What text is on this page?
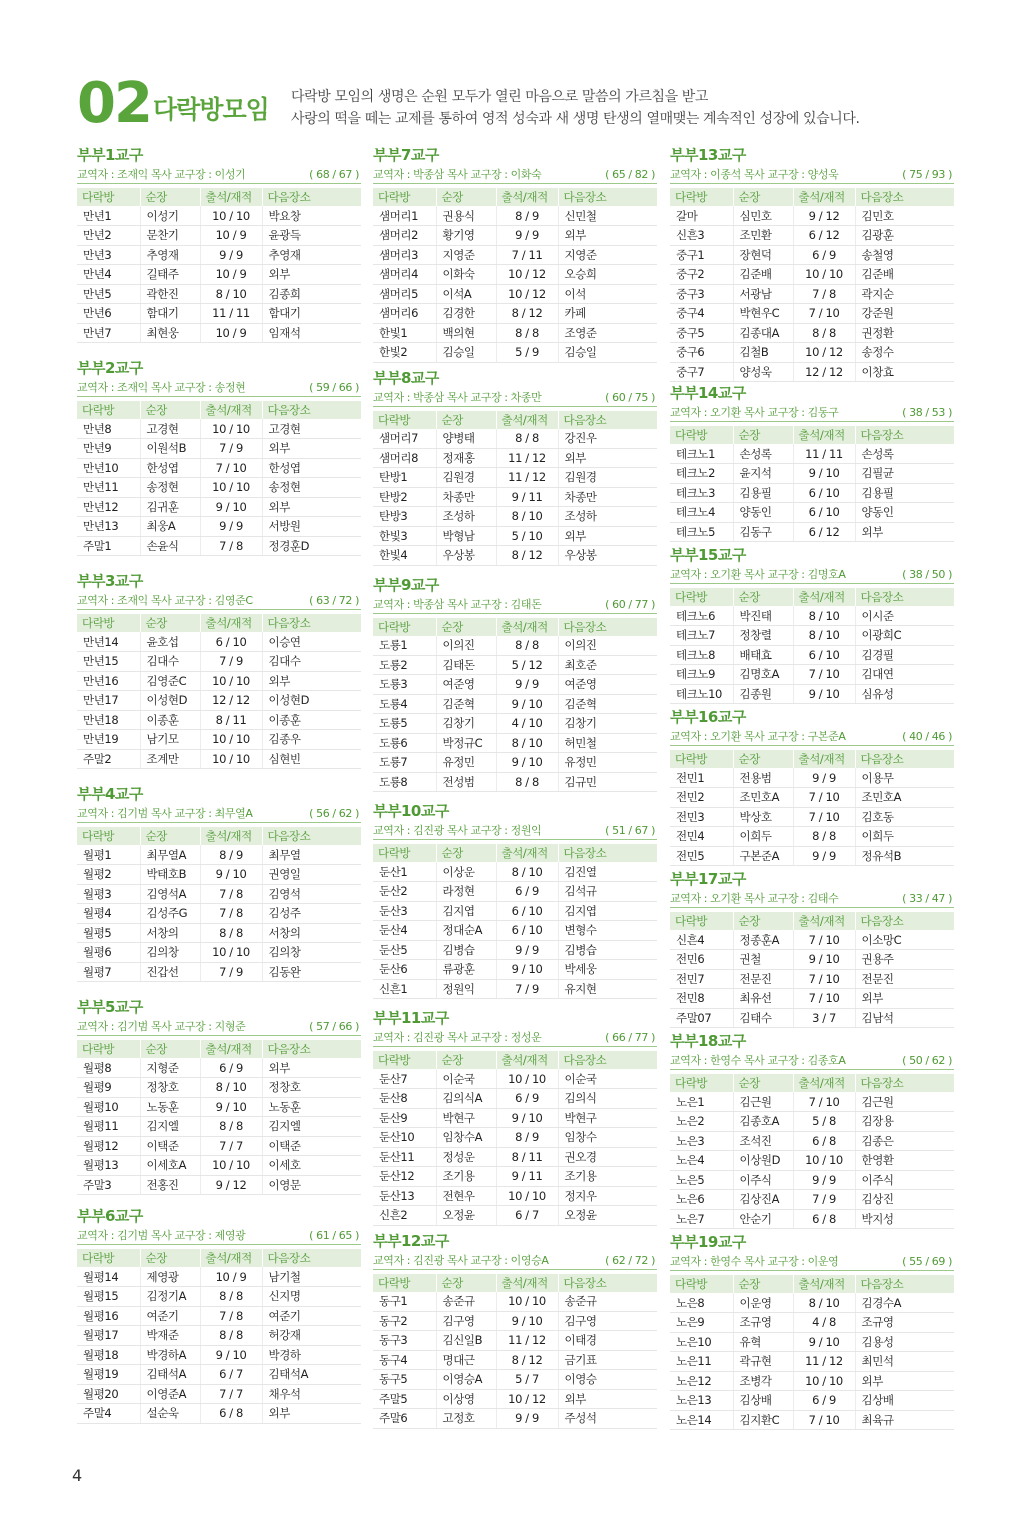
02 다락방모임 다락방 모임의 생명은 순원 모두가 열린 마음으로 말씀의 가르침을 받고
사랑의 떡을 떼는 교제를 통하여 영적 성숙과 새 생명 탄생의 열매맺는 계속적인 성장에 있습니다.
부부1교구
교역자 : 조재익 목사 교구장 : 이성기	( 68 / 67 )
다락방	순장	출석/재적	다음장소
만년1	이성기	10 / 10	박요창
만년2	문찬기	10 / 9	윤광득
만년3	추영재	9 / 9	추영재
만년4	길태주	10 / 9	외부
만년5	곽한진	8 / 10	김종희
만년6	함대기	11 / 11	함대기
만년7	최현웅	10 / 9	임재석
부부2교구
교역자 : 조재익 목사 교구장 : 송정현	( 59 / 66 )
다락방	순장	출석/재적	다음장소
만년8	고경현	10 / 10	고경현
만년9	이원석B	7 / 9	외부
만년10	한성엽	7 / 10	한성엽
만년11	송정현	10 / 10	송정현
만년12	김귀훈	9 / 10	외부
만년13	최웅A	9 / 9	서방원
주말1	손윤식	7 / 8	정경훈D
부부3교구
교역자 : 조재익 목사 교구장 : 김영준C	( 63 / 72 )
다락방	순장	출석/재적	다음장소
만년14	윤호섭	6 / 10	이승연
만년15	김대수	7 / 9	김대수
만년16	김영준C	10 / 10	외부
만년17	이성현D	12 / 12	이성현D
만년18	이종훈	8 / 11	이종훈
만년19	남기모	10 / 10	김종우
주말2	조계만	10 / 10	심현빈
부부4교구
교역자 : 김기범 목사 교구장 : 최무열A	( 56 / 62 )
다락방	순장	출석/재적	다음장소
월평1	최무열A	8 / 9	최무열
월평2	박태호B	9 / 10	권영일
월평3	김영석A	7 / 8	김영석
월평4	김성주G	7 / 8	김성주
월평5	서창의	8 / 8	서창의
월평6	김의창	10 / 10	김의창
월평7	진갑선	7 / 9	김동완
부부5교구
교역자 : 김기범 목사 교구장 : 지형준	( 57 / 66 )
다락방	순장	출석/재적	다음장소
월평8	지형준	6 / 9	외부
월평9	정창호	8 / 10	정창호
월평10	노동훈	9 / 10	노동훈
월평11	김지엘	8 / 8	김지엘
월평12	이택준	7 / 7	이택준
월평13	이세호A	10 / 10	이세호
주말3	전홍진	9 / 12	이영문
부부6교구
교역자 : 김기범 목사 교구장 : 제영광	( 61 / 65 )
다락방	순장	출석/재적	다음장소
월평14	제영광	10 / 9	남기철
월평15	김정기A	8 / 8	신지명
월평16	여준기	7 / 8	여준기
월평17	박재준	8 / 8	허강재
월평18	박경하A	9 / 10	박경하
월평19	김태석A	6 / 7	김태석A
월평20	이영준A	7 / 7	채우석
주말4	설순욱	6 / 8	외부
부부7교구
교역자 : 박종삼 목사 교구장 : 이화숙	( 65 / 82 )
다락방	순장	출석/재적	다음장소
샘머리1	권용식	8 / 9	신민철
샘머리2	황기영	9 / 9	외부
샘머리3	지영준	7 / 11	지영준
샘머리4	이화숙	10 / 12	오승희
샘머리5	이석A	10 / 12	이석
샘머리6	김경한	8 / 12	카페
한빛1	백의현	8 / 8	조영준
한빛2	김승일	5 / 9	김승일
부부8교구
교역자 : 박종삼 목사 교구장 : 차종만	( 60 / 75 )
다락방	순장	출석/재적	다음장소
샘머리7	양병태	8 / 8	강진우
샘머리8	정재홍	11 / 12	외부
탄방1	김원경	11 / 12	김원경
탄방2	차종만	9 / 11	차종만
탄방3	조성하	8 / 10	조성하
한빛3	박형남	5 / 10	외부
한빛4	우상봉	8 / 12	우상봉
부부9교구
교역자 : 박종삼 목사 교구장 : 김태돈	( 60 / 77 )
다락방	순장	출석/재적	다음장소
도룡1	이의진	8 / 8	이의진
도룡2	김태돈	5 / 12	최호준
도룡3	여준영	9 / 9	여준영
도룡4	김준혁	9 / 10	김준혁
도룡5	김창기	4 / 10	김창기
도룡6	박정규C	8 / 10	허민철
도룡7	유정민	9 / 10	유정민
도룡8	전성범	8 / 8	김규민
부부10교구
교역자 : 김진광 목사 교구장 : 정원익	( 51 / 67 )
다락방	순장	출석/재적	다음장소
둔산1	이상운	8 / 10	김진열
둔산2	라정현	6 / 9	김석규
둔산3	김지엽	6 / 10	김지엽
둔산4	정대순A	6 / 10	변형수
둔산5	김병습	9 / 9	김병습
둔산6	류광훈	9 / 10	박세웅
신흔1	정원익	7 / 9	유지현
부부11교구
교역자 : 김진광 목사 교구장 : 정성운	( 66 / 77 )
다락방	순장	출석/재적	다음장소
둔산7	이순국	10 / 10	이순국
둔산8	김의식A	6 / 9	김의식
둔산9	박현구	9 / 10	박현구
둔산10	임창수A	8 / 9	임창수
둔산11	정성운	8 / 11	권오경
둔산12	조기용	9 / 11	조기용
둔산13	전현우	10 / 10	정지우
신흔2	오정윤	6 / 7	오정윤
부부12교구
교역자 : 김진광 목사 교구장 : 이영승A	( 62 / 72 )
다락방	순장	출석/재적	다음장소
동구1	송준규	10 / 10	송준규
동구2	김구영	9 / 10	김구영
동구3	김신일B	11 / 12	이태경
동구4	명대근	8 / 12	금기표
동구5	이영승A	5 / 7	이영승
주말5	이상영	10 / 12	외부
주말6	고정호	9 / 9	주성석
부부13교구
교역자 : 이종석 목사 교구장 : 양성욱	( 75 / 93 )
다락방	순장	출석/재적	다음장소
갈마	심민호	9 / 12	김민호
신흔3	조민환	6 / 12	김광훈
중구1	장현덕	6 / 9	송철영
중구2	김준배	10 / 10	김준배
중구3	서광남	7 / 8	곽지순
중구4	박현우C	7 / 10	강준원
중구5	김종대A	8 / 8	권정환
중구6	김철B	10 / 12	송정수
중구7	양성욱	12 / 12	이창효
부부14교구
교역자 : 오기환 목사 교구장 : 김동구	( 38 / 53 )
다락방	순장	출석/재적	다음장소
테크노1	손성록	11 / 11	손성록
테크노2	윤지석	9 / 10	김필균
테크노3	김용필	6 / 10	김용필
테크노4	양동인	6 / 10	양동인
테크노5	김동구	6 / 12	외부
부부15교구
교역자 : 오기환 목사 교구장 : 김명호A	( 38 / 50 )
다락방	순장	출석/재적	다음장소
테크노6	박진태	8 / 10	이시준
테크노7	정창렬	8 / 10	이광희C
테크노8	배태효	6 / 10	김경필
테크노9	김명호A	7 / 10	김대연
테크노10	김종원	9 / 10	심유성
부부16교구
교역자 : 오기환 목사 교구장 : 구본준A	( 40 / 46 )
다락방	순장	출석/재적	다음장소
전민1	전용범	9 / 9	이용무
전민2	조민호A	7 / 10	조민호A
전민3	박상호	7 / 10	김호동
전민4	이희두	8 / 8	이희두
전민5	구본준A	9 / 9	정유석B
부부17교구
교역자 : 오기환 목사 교구장 : 김태수	( 33 / 47 )
다락방	순장	출석/재적	다음장소
신흔4	정종훈A	7 / 10	이소망C
전민6	권철	9 / 10	권용주
전민7	전문진	7 / 10	전문진
전민8	최유선	7 / 10	외부
주말07	김태수	3 / 7	김남석
부부18교구
교역자 : 한영수 목사 교구장 : 김종호A	( 50 / 62 )
다락방	순장	출석/재적	다음장소
노은1	김근원	7 / 10	김근원
노은2	김종호A	5 / 8	김장용
노은3	조석진	6 / 8	김종은
노은4	이상원D	10 / 10	한영환
노은5	이주식	9 / 9	이주식
노은6	김상진A	7 / 9	김상진
노은7	안순기	6 / 8	박지성
부부19교구
교역자 : 한영수 목사 교구장 : 이운영	( 55 / 69 )
다락방	순장	출석/재적	다음장소
노은8	이운영	8 / 10	김경수A
노은9	조규영	4 / 8	조규영
노은10	유혁	9 / 10	김용성
노은11	곽규현	11 / 12	최민석
노은12	조병각	10 / 10	외부
노은13	김상배	6 / 9	김상배
노은14	김지환C	7 / 10	최육규
4
